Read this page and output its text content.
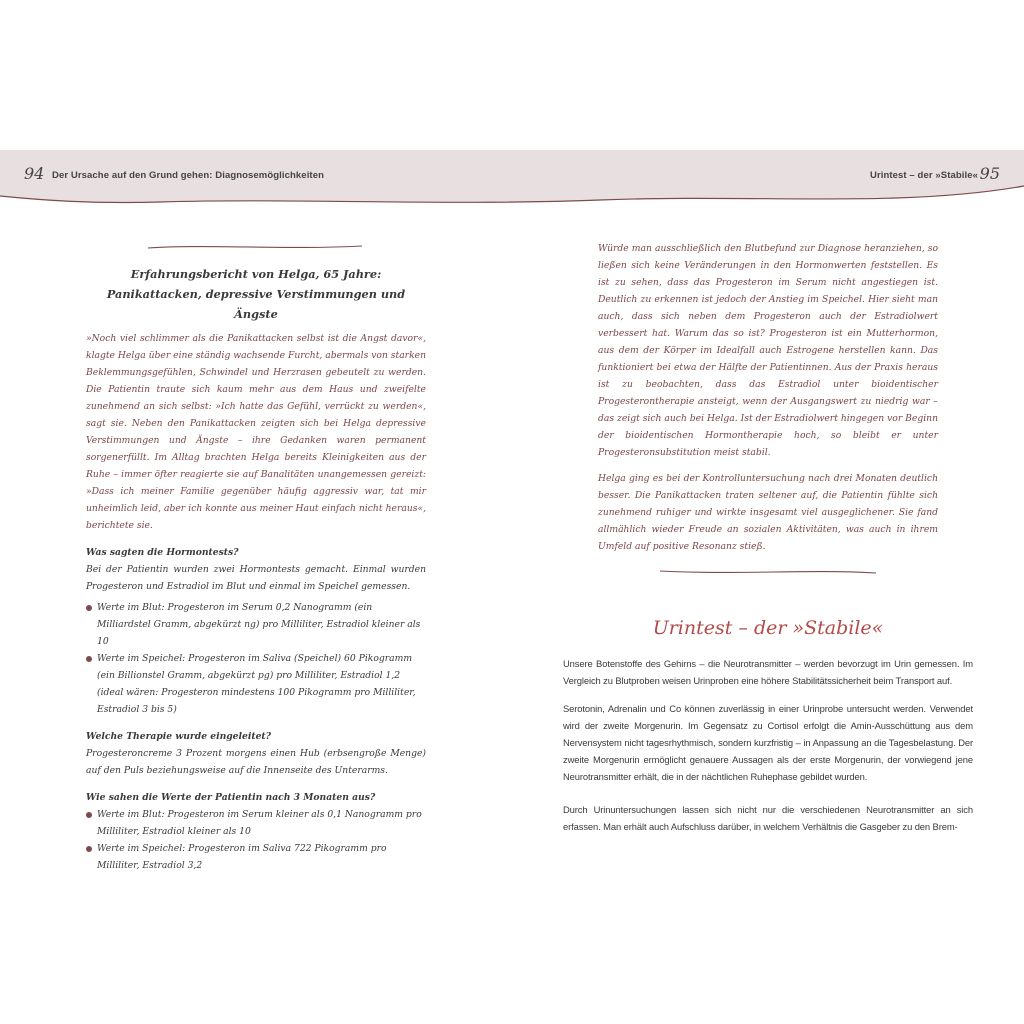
94 Der Ursache auf den Grund gehen: Diagnosemöglichkeiten	Urintest – der »Stabile« 95
Erfahrungsbericht von Helga, 65 Jahre:
Panikattacken, depressive Verstimmungen und Ängste

»Noch viel schlimmer als die Panikattacken selbst ist die Angst davor«, klagte Helga über eine ständig wachsende Furcht, abermals von starken Beklemmungsgefühlen, Schwindel und Herzrasen gebeutelt zu werden. Die Patientin traute sich kaum mehr aus dem Haus und zweifelte zunehmend an sich selbst: »Ich hatte das Gefühl, verrückt zu werden«, sagt sie. Neben den Panikattacken zeigten sich bei Helga depressive Verstimmungen und Ängste – ihre Gedanken waren permanent sorgenerfüllt. Im Alltag brachten Helga bereits Kleinigkeiten aus der Ruhe – immer öfter reagierte sie auf Banalitäten unangemessen gereizt: »Dass ich meiner Familie gegenüber häufig aggressiv war, tat mir unheimlich leid, aber ich konnte aus meiner Haut einfach nicht heraus«, berichtete sie.

Was sagten die Hormontests?

Bei der Patientin wurden zwei Hormontests gemacht. Einmal wurden Progesteron und Estradiol im Blut und einmal im Speichel gemessen.

Werte im Blut: Progesteron im Serum 0,2 Nanogramm (ein Milliardstel Gramm, abgekürzt ng) pro Milliliter, Estradiol kleiner als 10
Werte im Speichel: Progesteron im Saliva (Speichel) 60 Pikogramm (ein Billionstel Gramm, abgekürzt pg) pro Milliliter, Estradiol 1,2 (ideal wären: Progesteron mindestens 100 Pikogramm pro Milliliter, Estradiol 3 bis 5)
Welche Therapie wurde eingeleitet?

Progesteroncreme 3 Prozent morgens einen Hub (erbsengroße Menge) auf den Puls beziehungsweise auf die Innenseite des Unterarms.

Wie sahen die Werte der Patientin nach 3 Monaten aus?
Werte im Blut: Progesteron im Serum kleiner als 0,1 Nanogramm pro Milliliter, Estradiol kleiner als 10
Werte im Speichel: Progesteron im Saliva 722 Pikogramm pro Milliliter, Estradiol 3,2

Würde man ausschließlich den Blutbefund zur Diagnose heranziehen, so ließen sich keine Veränderungen in den Hormonwerten feststellen. Es ist zu sehen, dass das Progesteron im Serum nicht angestiegen ist. Deutlich zu erkennen ist jedoch der Anstieg im Speichel. Hier sieht man auch, dass sich neben dem Progesteron auch der Estradiolwert verbessert hat. Warum das so ist? Progesteron ist ein Mutterhormon, aus dem der Körper im Idealfall auch Estrogene herstellen kann. Das funktioniert bei etwa der Hälfte der Patientinnen. Aus der Praxis heraus ist zu beobachten, dass das Estradiol unter bioidentischer Progesterontherapie ansteigt, wenn der Ausgangswert zu niedrig war – das zeigt sich auch bei Helga. Ist der Estradiolwert hingegen vor Beginn der bioidentischen Hormontherapie hoch, so bleibt er unter Progesteronsubstitution meist stabil.

Helga ging es bei der Kontrolluntersuchung nach drei Monaten deutlich besser. Die Panikattacken traten seltener auf, die Patientin fühlte sich zunehmend ruhiger und wirkte insgesamt viel ausgeglichener. Sie fand allmählich wieder Freude an sozialen Aktivitäten, was auch in ihrem Umfeld auf positive Resonanz stieß.

Urintest – der »Stabile«

Unsere Botenstoffe des Gehirns – die Neurotransmitter – werden bevorzugt im Urin gemessen. Im Vergleich zu Blutproben weisen Urinproben eine höhere Stabilitätssicherheit beim Transport auf.

Serotonin, Adrenalin und Co können zuverlässig in einer Urinprobe untersucht werden. Verwendet wird der zweite Morgenurin. Im Gegensatz zu Cortisol erfolgt die Amin-Ausschüttung aus dem Nervensystem nicht tagesrhythmisch, sondern kurzfristig – in Anpassung an die Tagesbelastung. Der zweite Morgenurin ermöglicht genauere Aussagen als der erste Morgenurin, der vorwiegend jene Neurotransmitter erhält, die in der nächtlichen Ruhephase gebildet wurden.

Durch Urinuntersuchungen lassen sich nicht nur die verschiedenen Neurotransmitter an sich erfassen. Man erhält auch Aufschluss darüber, in welchem Verhältnis die Gasgeber zu den Brem-
